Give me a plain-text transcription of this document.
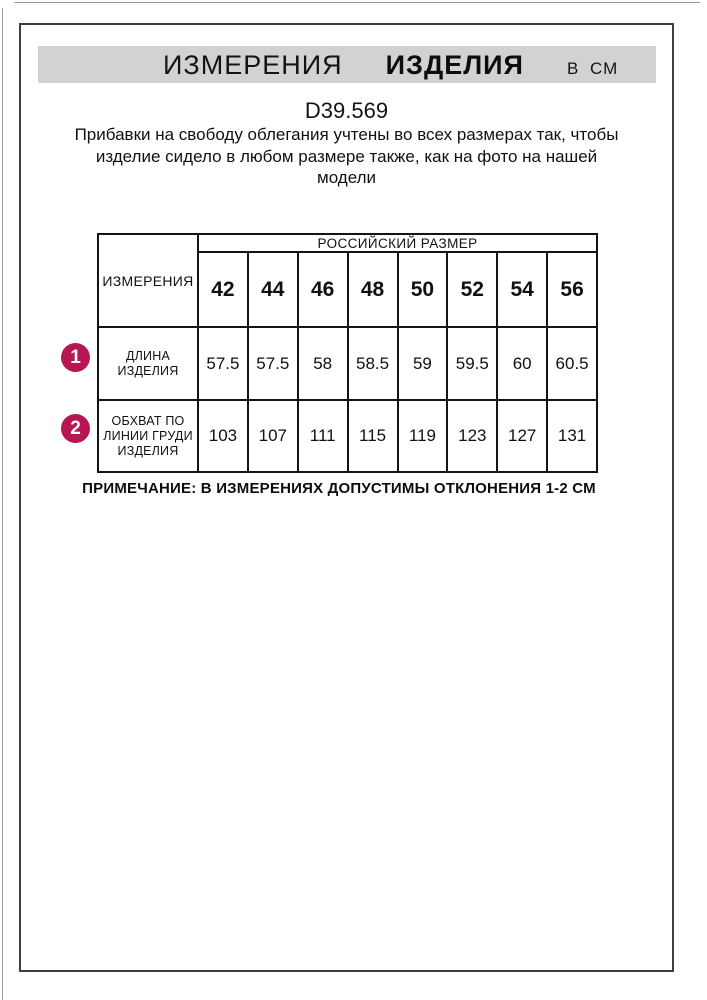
ИЗМЕРЕНИЯ ИЗДЕЛИЯ	В СМ
D39.569
Прибавки на свободу облегания учтены во всех размерах так, чтобы
изделие сидело в любом размере также, как на фото на нашей
модели
ИЗМЕРЕНИЯ	РОССИЙСКИЙ РАЗМЕР							
	42	44	46	48	50	52	54	56
ДЛИНА ИЗДЕЛИЯ	57.5	57.5	58	58.5	59	59.5	60	60.5
ОБХВАТ ПО ЛИНИИ ГРУДИ ИЗДЕЛИЯ	103	107	111	115	119	123	127	131
1
2
ПРИМЕЧАНИЕ: В ИЗМЕРЕНИЯХ ДОПУСТИМЫ ОТКЛОНЕНИЯ 1-2 СМ
